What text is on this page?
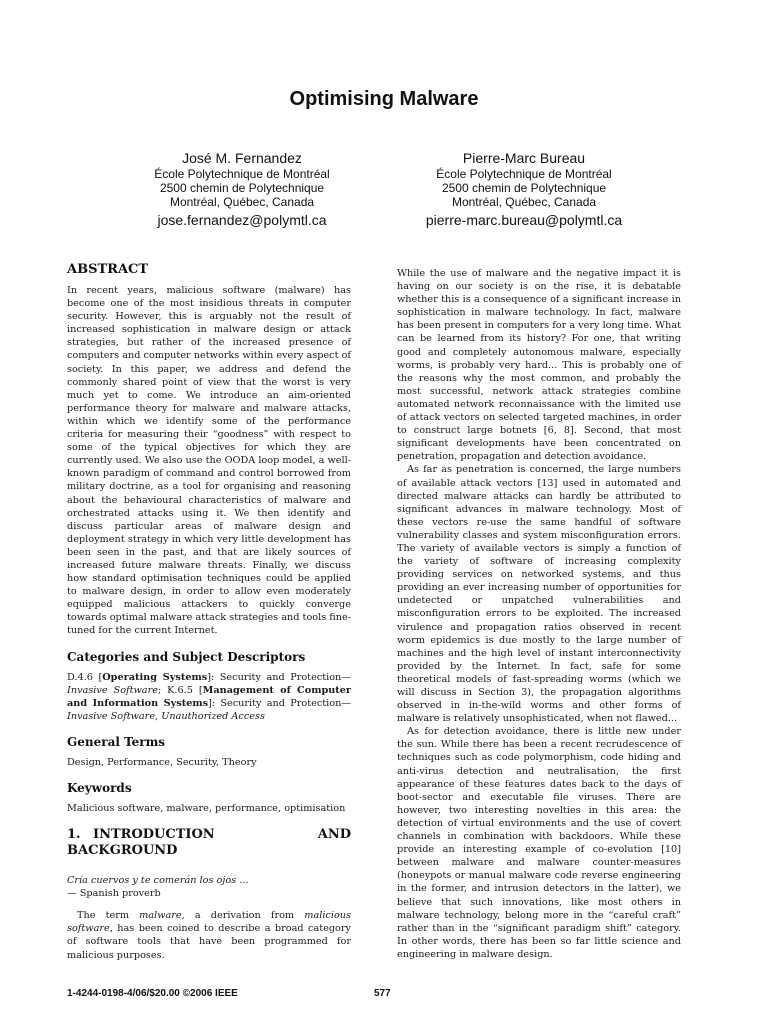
Optimising Malware
José M. Fernandez
École Polytechnique de Montréal
2500 chemin de Polytechnique
Montréal, Québec, Canada
jose.fernandez@polymtl.ca
Pierre-Marc Bureau
École Polytechnique de Montréal
2500 chemin de Polytechnique
Montréal, Québec, Canada
pierre-marc.bureau@polymtl.ca
ABSTRACT

In recent years, malicious software (malware) has become one of the most insidious threats in computer security. However, this is arguably not the result of increased sophistication in malware design or attack strategies, but rather of the increased presence of computers and computer networks within every aspect of society. In this paper, we address and defend the commonly shared point of view that the worst is very much yet to come. We introduce an aim-oriented performance theory for malware and malware attacks, within which we identify some of the performance criteria for measuring their “goodness” with respect to some of the typical objectives for which they are currently used. We also use the OODA loop model, a well-known paradigm of command and control borrowed from military doctrine, as a tool for organising and reasoning about the behavioural characteristics of malware and orchestrated attacks using it. We then identify and discuss particular areas of malware design and deployment strategy in which very little development has been seen in the past, and that are likely sources of increased future malware threats. Finally, we discuss how standard optimisation techniques could be applied to malware design, in order to allow even moderately equipped malicious attackers to quickly converge towards optimal malware attack strategies and tools fine-tuned for the current Internet.

Categories and Subject Descriptors

D.4.6 [Operating Systems]: Security and Protection—Invasive Software; K.6.5 [Management of Computer and Information Systems]: Security and Protection—Invasive Software, Unauthorized Access

General Terms

Design, Performance, Security, Theory

Keywords

Malicious software, malware, performance, optimisation

1. INTRODUCTION AND BACKGROUND

Cría cuervos y te comerán los ojos ...

— Spanish proverb

The term malware, a derivation from malicious software, has been coined to describe a broad category of software tools that have been programmed for malicious purposes.

While the use of malware and the negative impact it is having on our society is on the rise, it is debatable whether this is a consequence of a significant increase in sophistication in malware technology. In fact, malware has been present in computers for a very long time. What can be learned from its history? For one, that writing good and completely autonomous malware, especially worms, is probably very hard... This is probably one of the reasons why the most common, and probably the most successful, network attack strategies combine automated network reconnaissance with the limited use of attack vectors on selected targeted machines, in order to construct large botnets [6, 8]. Second, that most significant developments have been concentrated on penetration, propagation and detection avoidance.

As far as penetration is concerned, the large numbers of available attack vectors [13] used in automated and directed malware attacks can hardly be attributed to significant advances in malware technology. Most of these vectors re-use the same handful of software vulnerability classes and system misconfiguration errors. The variety of available vectors is simply a function of the variety of software of increasing complexity providing services on networked systems, and thus providing an ever increasing number of opportunities for undetected or unpatched vulnerabilities and misconfiguration errors to be exploited. The increased virulence and propagation ratios observed in recent worm epidemics is due mostly to the large number of machines and the high level of instant interconnectivity provided by the Internet. In fact, safe for some theoretical models of fast-spreading worms (which we will discuss in Section 3), the propagation algorithms observed in in-the-wild worms and other forms of malware is relatively unsophisticated, when not flawed...

As for detection avoidance, there is little new under the sun. While there has been a recent recrudescence of techniques such as code polymorphism, code hiding and anti-virus detection and neutralisation, the first appearance of these features dates back to the days of boot-sector and executable file viruses. There are however, two interesting novelties in this area: the detection of virtual environments and the use of covert channels in combination with backdoors. While these provide an interesting example of co-evolution [10] between malware and malware counter-measures (honeypots or manual malware code reverse engineering in the former, and intrusion detectors in the latter), we believe that such innovations, like most others in malware technology, belong more in the “careful craft” rather than in the “significant paradigm shift” category. In other words, there has been so far little science and engineering in malware design.

1-4244-0198-4/06/$20.00 ©2006 IEEE	577
